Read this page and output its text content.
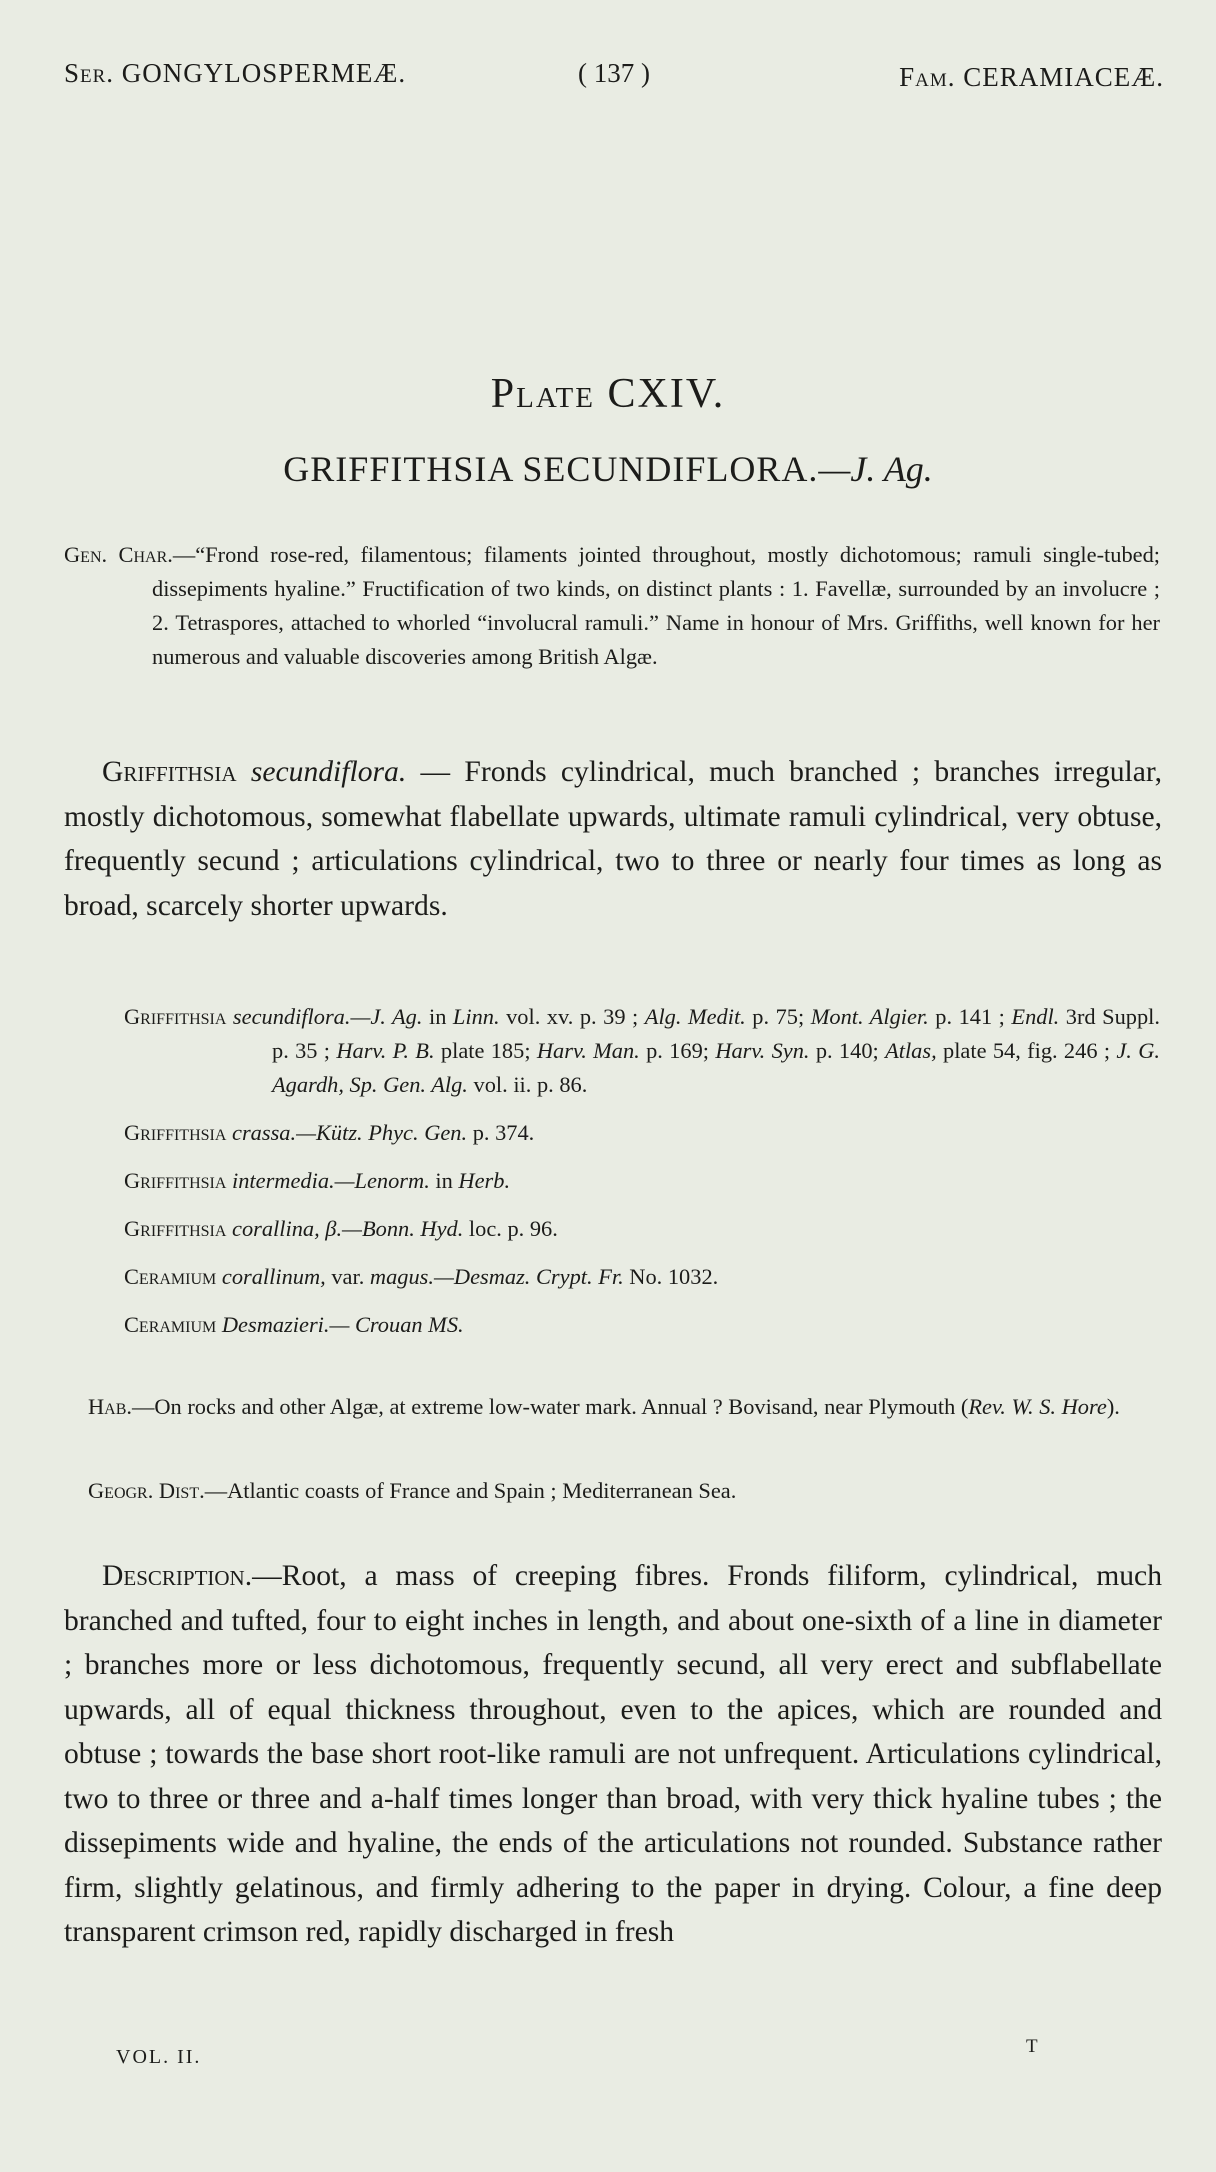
Ser. GONGYLOSPERMEÆ.	( 137 )	Fam. CERAMIACEÆ.
Plate CXIV.
GRIFFITHSIA SECUNDIFLORA.—J. Ag.
Gen. Char.—“Frond rose-red, filamentous; filaments jointed throughout, mostly dichotomous; ramuli single-tubed; dissepiments hyaline.” Fructification of two kinds, on distinct plants : 1. Favellæ, surrounded by an involucre ; 2. Tetraspores, attached to whorled “involucral ramuli.” Name in honour of Mrs. Griffiths, well known for her numerous and valuable discoveries among British Algæ.
Griffithsia secundiflora. — Fronds cylindrical, much branched ; branches irregular, mostly dichotomous, somewhat flabellate upwards, ultimate ramuli cylindrical, very obtuse, frequently secund ; articulations cylindrical, two to three or nearly four times as long as broad, scarcely shorter upwards.
Griffithsia secundiflora.—J. Ag. in Linn. vol. xv. p. 39 ; Alg. Medit. p. 75; Mont. Algier. p. 141 ; Endl. 3rd Suppl. p. 35 ; Harv. P. B. plate 185; Harv. Man. p. 169; Harv. Syn. p. 140; Atlas, plate 54, fig. 246 ; J. G. Agardh, Sp. Gen. Alg. vol. ii. p. 86.
Griffithsia crassa.—Kütz. Phyc. Gen. p. 374.
Griffithsia intermedia.—Lenorm. in Herb.
Griffithsia corallina, β.—Bonn. Hyd. loc. p. 96.
Ceramium corallinum, var. magus.—Desmaz. Crypt. Fr. No. 1032.
Ceramium Desmazieri.— Crouan MS.
Hab.—On rocks and other Algæ, at extreme low-water mark. Annual ? Bovisand, near Plymouth (Rev. W. S. Hore).
Geogr. Dist.—Atlantic coasts of France and Spain ; Mediterranean Sea.
Description.—Root, a mass of creeping fibres. Fronds filiform, cylindrical, much branched and tufted, four to eight inches in length, and about one-sixth of a line in diameter ; branches more or less dichotomous, frequently secund, all very erect and subflabellate upwards, all of equal thickness throughout, even to the apices, which are rounded and obtuse ; towards the base short root-like ramuli are not unfrequent. Articulations cylindrical, two to three or three and a-half times longer than broad, with very thick hyaline tubes ; the dissepiments wide and hyaline, the ends of the articulations not rounded. Substance rather firm, slightly gelatinous, and firmly adhering to the paper in drying. Colour, a fine deep transparent crimson red, rapidly discharged in fresh
VOL. II.	T
